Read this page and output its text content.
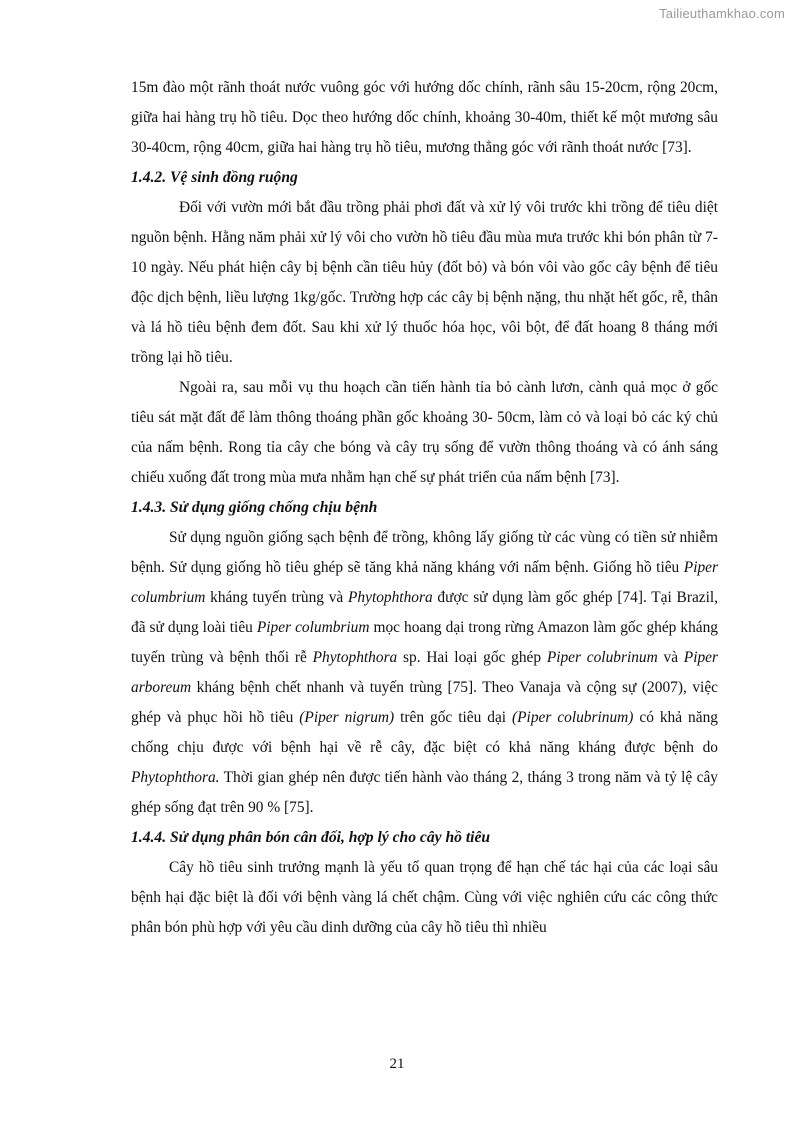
Tailieuthamkhao.com

15m đào một rãnh thoát nước vuông góc với hướng dốc chính, rãnh sâu 15-20cm, rộng 20cm, giữa hai hàng trụ hồ tiêu. Dọc theo hướng dốc chính, khoảng 30-40m, thiết kế một mương sâu 30-40cm, rộng 40cm, giữa hai hàng trụ hồ tiêu, mương thẳng góc với rãnh thoát nước [73].

1.4.2. Vệ sinh đồng ruộng

Đối với vườn mới bắt đầu trồng phải phơi đất và xử lý vôi trước khi trồng để tiêu diệt nguồn bệnh. Hằng năm phải xử lý vôi cho vườn hồ tiêu đầu mùa mưa trước khi bón phân từ 7-10 ngày. Nếu phát hiện cây bị bệnh cần tiêu hủy (đốt bỏ) và bón vôi vào gốc cây bệnh để tiêu độc dịch bệnh, liều lượng 1kg/gốc. Trường hợp các cây bị bệnh nặng, thu nhặt hết gốc, rễ, thân và lá hồ tiêu bệnh đem đốt. Sau khi xử lý thuốc hóa học, vôi bột, để đất hoang 8 tháng mới trồng lại hồ tiêu.

Ngoài ra, sau mỗi vụ thu hoạch cần tiến hành tỉa bỏ cành lươn, cành quả mọc ở gốc tiêu sát mặt đất để làm thông thoáng phần gốc khoảng 30- 50cm, làm cỏ và loại bỏ các ký chủ của nấm bệnh. Rong tỉa cây che bóng và cây trụ sống để vườn thông thoáng và có ánh sáng chiếu xuống đất trong mùa mưa nhằm hạn chế sự phát triển của nấm bệnh [73].

1.4.3. Sử dụng giống chống chịu bệnh

Sử dụng nguồn giống sạch bệnh để trồng, không lấy giống từ các vùng có tiền sử nhiễm bệnh. Sử dụng giống hồ tiêu ghép sẽ tăng khả năng kháng với nấm bệnh. Giống hồ tiêu Piper columbrium kháng tuyến trùng và Phytophthora được sử dụng làm gốc ghép [74]. Tại Brazil, đã sử dụng loài tiêu Piper columbrium mọc hoang dại trong rừng Amazon làm gốc ghép kháng tuyến trùng và bệnh thối rễ Phytophthora sp. Hai loại gốc ghép Piper colubrinum và Piper arboreum kháng bệnh chết nhanh và tuyến trùng [75]. Theo Vanaja và cộng sự (2007), việc ghép và phục hồi hồ tiêu (Piper nigrum) trên gốc tiêu dại (Piper colubrinum) có khả năng chống chịu được với bệnh hại về rễ cây, đặc biệt có khả năng kháng được bệnh do Phytophthora. Thời gian ghép nên được tiến hành vào tháng 2, tháng 3 trong năm và tỷ lệ cây ghép sống đạt trên 90 % [75].

1.4.4. Sử dụng phân bón cân đối, hợp lý cho cây hồ tiêu

Cây hồ tiêu sinh trưởng mạnh là yếu tố quan trọng để hạn chế tác hại của các loại sâu bệnh hại đặc biệt là đối với bệnh vàng lá chết chậm. Cùng với việc nghiên cứu các công thức phân bón phù hợp với yêu cầu dinh dưỡng của cây hồ tiêu thì nhiều

21
